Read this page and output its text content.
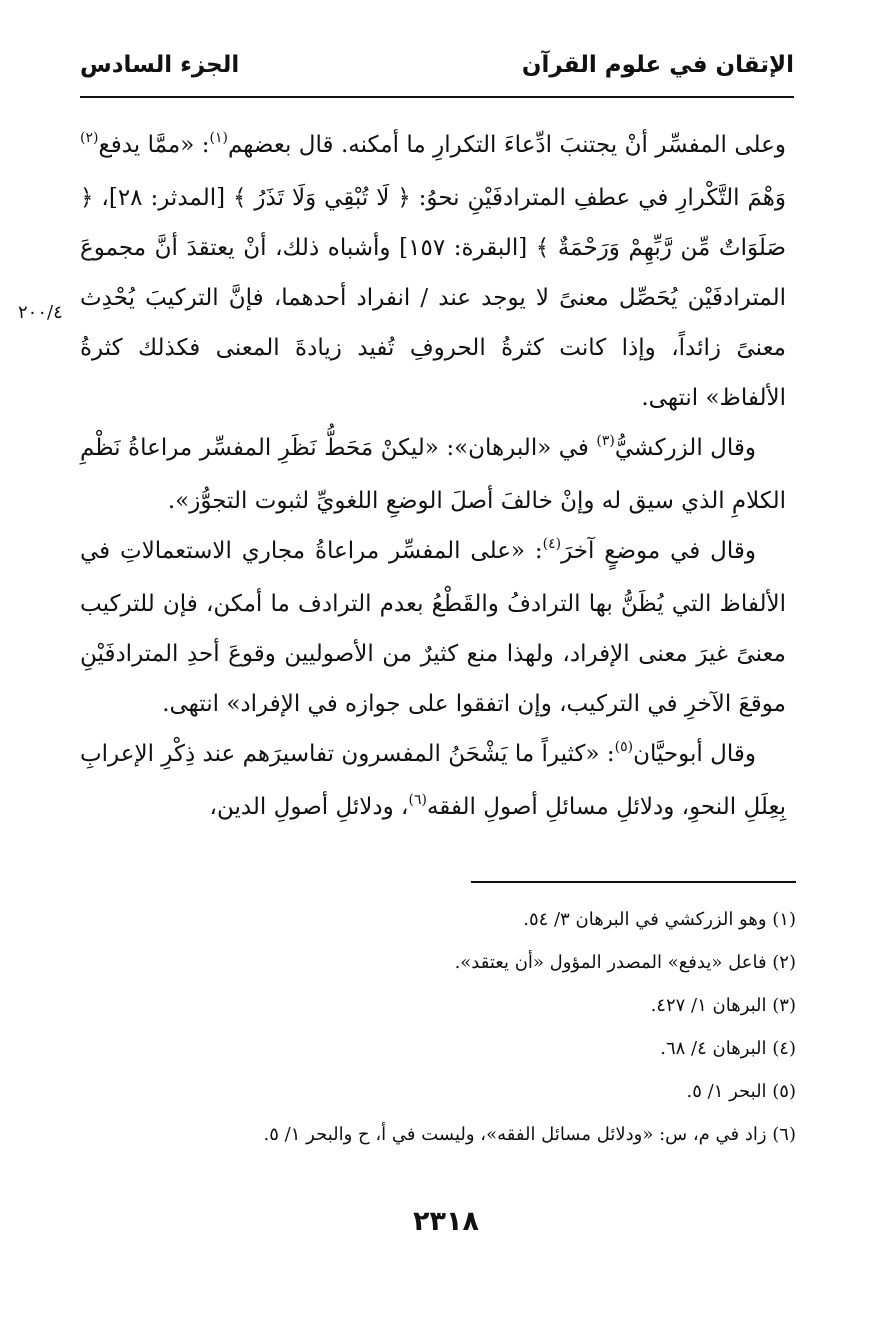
الإتقان في علوم القرآن
الجزء السادس
٢٠٠/٤

وعلى المفسِّر أنْ يجتنبَ ادِّعاءَ التكرارِ ما أمكنه. قال بعضهم$^{(١)}$: «ممَّا يدفع$^{(٢)}$ وَهْمَ التَّكْرارِ في عطفِ المترادفَيْنِ نحوُ: ﴿ لَا تُبْقِي وَلَا تَذَرُ ﴾ [المدثر: ٢٨]، ﴿ صَلَوَاتٌ مِّن رَّبِّهِمْ وَرَحْمَةٌ ﴾ [البقرة: ١٥٧] وأشباه ذلك، أنْ يعتقدَ أنَّ مجموعَ المترادفَيْن يُحَصِّل معنىً لا يوجد عند / انفراد أحدهما، فإنَّ التركيبَ يُحْدِث معنىً زائداً، وإذا كانت كثرةُ الحروفِ تُفيد زيادةَ المعنى فكذلك كثرةُ الألفاظ» انتهى.

وقال الزركشيُّ$^{(٣)}$ في «البرهان»: «ليكنْ مَحَطُّ نَظَرِ المفسِّر مراعاةُ نَظْمِ الكلامِ الذي سيق له وإنْ خالفَ أصلَ الوضعِ اللغويِّ لثبوت التجوُّز».

وقال في موضعٍ آخرَ$^{(٤)}$: «على المفسِّر مراعاةُ مجاري الاستعمالاتِ في الألفاظ التي يُظَنُّ بها الترادفُ والقَطْعُ بعدم الترادف ما أمكن، فإن للتركيب معنىً غيرَ معنى الإفراد، ولهذا منع كثيرٌ من الأصوليين وقوعَ أحدِ المترادفَيْنِ موقعَ الآخرِ في التركيب، وإن اتفقوا على جوازه في الإفراد» انتهى.

وقال أبوحيَّان$^{(٥)}$: «كثيراً ما يَشْحَنُ المفسرون تفاسيرَهم عند ذِكْرِ الإعرابِ بِعِلَلِ النحوِ، ودلائلِ مسائلِ أصولِ الفقه$^{(٦)}$، ودلائلِ أصولِ الدين،

(١) وهو الزركشي في البرهان ٣/ ٥٤.

(٢) فاعل «يدفع» المصدر المؤول «أن يعتقد».

(٣) البرهان ١/ ٤٢٧.

(٤) البرهان ٤/ ٦٨.

(٥) البحر ١/ ٥.

(٦) زاد في م، س: «ودلائل مسائل الفقه»، وليست في أ، ح والبحر ١/ ٥.

٢٣١٨
